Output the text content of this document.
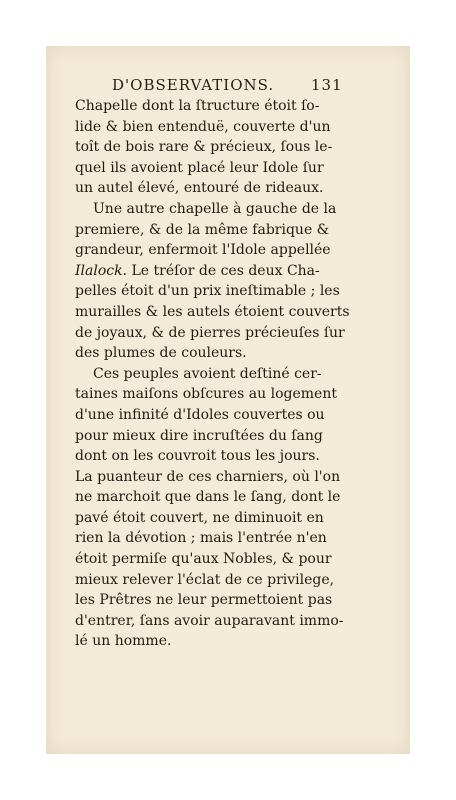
D'OBSERVATIONS. 131
Chapelle dont la ſtructure étoit ſo-
lide & bien entenduë, couverte d'un
toît de bois rare & précieux, ſous le-
quel ils avoient placé leur Idole ſur
un autel élevé, entouré de rideaux.
Une autre chapelle à gauche de la
premiere, & de la même fabrique &
grandeur, enfermoit l'Idole appellée
Ilalock. Le tréſor de ces deux Cha-
pelles étoit d'un prix ineſtimable ; les
murailles & les autels étoient couverts
de joyaux, & de pierres précieuſes ſur
des plumes de couleurs.
Ces peuples avoient deſtiné cer-
taines maiſons obſcures au logement
d'une infinité d'Idoles couvertes ou
pour mieux dire incruſtées du ſang
dont on les couvroit tous les jours.
La puanteur de ces charniers, où l'on
ne marchoit que dans le ſang, dont le
pavé étoit couvert, ne diminuoit en
rien la dévotion ; mais l'entrée n'en
étoit permiſe qu'aux Nobles, & pour
mieux relever l'éclat de ce privilege,
les Prêtres ne leur permettoient pas
d'entrer, ſans avoir auparavant immo-
lé un homme.
